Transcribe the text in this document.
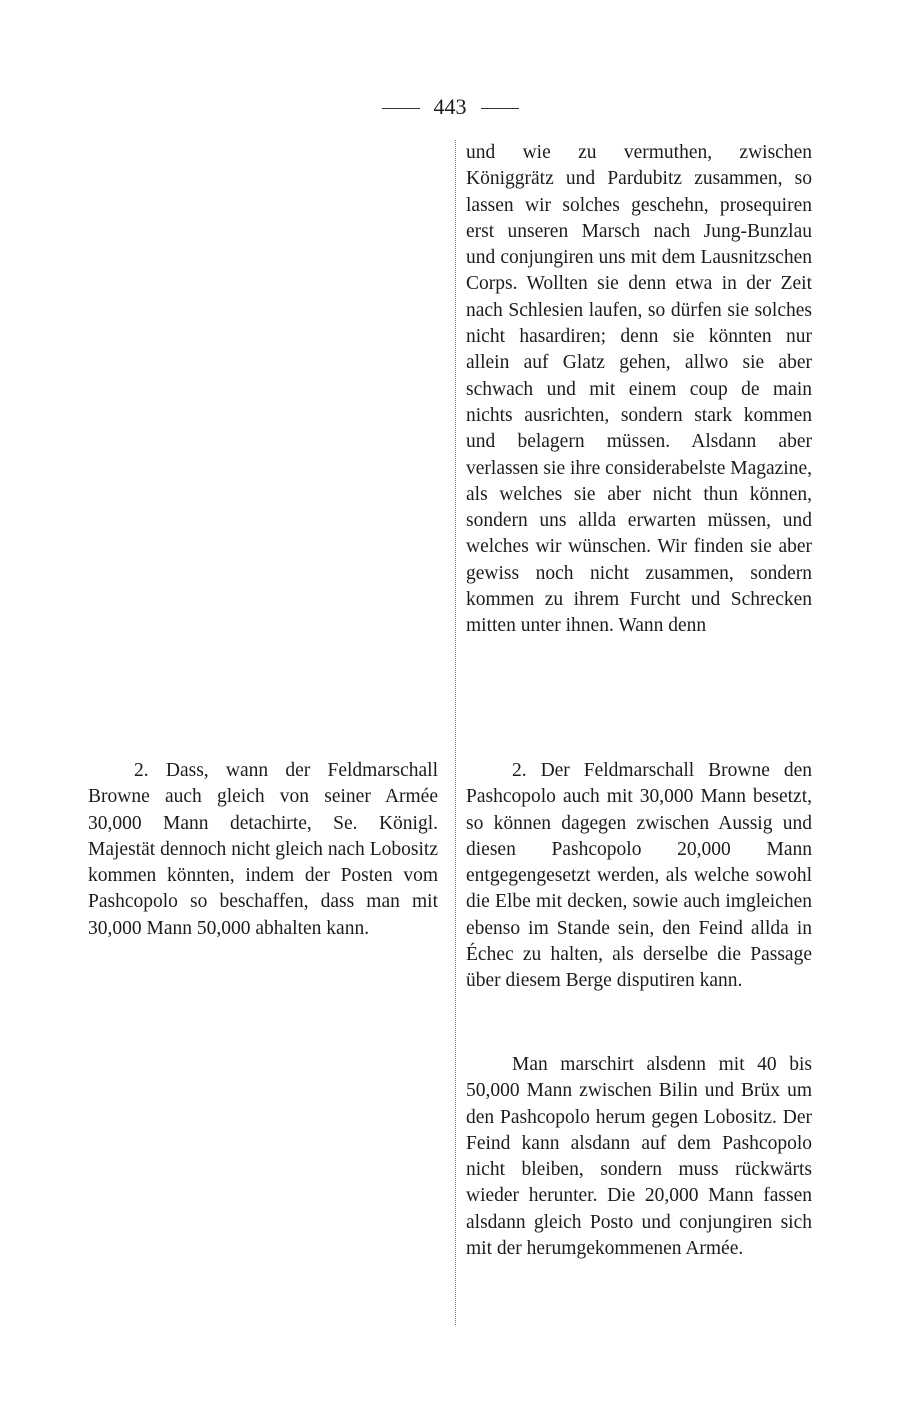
443

und wie zu vermuthen, zwischen Königgrätz und Pardubitz zusammen, so lassen wir solches geschehn, prosequiren erst unseren Marsch nach Jung-Bunzlau und conjungiren uns mit dem Lausnitzschen Corps. Wollten sie denn etwa in der Zeit nach Schlesien laufen, so dürfen sie solches nicht hasardiren; denn sie könnten nur allein auf Glatz gehen, allwo sie aber schwach und mit einem coup de main nichts ausrichten, sondern stark kommen und belagern müssen. Alsdann aber verlassen sie ihre considerabelste Magazine, als welches sie aber nicht thun können, sondern uns allda erwarten müssen, und welches wir wünschen. Wir finden sie aber gewiss noch nicht zusammen, sondern kommen zu ihrem Furcht und Schrecken mitten unter ihnen. Wann denn

2. Dass, wann der Feldmarschall Browne auch gleich von seiner Armée 30,000 Mann detachirte, Se. Königl. Majestät dennoch nicht gleich nach Lobositz kommen könnten, indem der Posten vom Pashcopolo so beschaffen, dass man mit 30,000 Mann 50,000 abhalten kann.

2. Der Feldmarschall Browne den Pashcopolo auch mit 30,000 Mann besetzt, so können dagegen zwischen Aussig und diesen Pashcopolo 20,000 Mann entgegengesetzt werden, als welche sowohl die Elbe mit decken, sowie auch imgleichen ebenso im Stande sein, den Feind allda in Échec zu halten, als derselbe die Passage über diesem Berge disputiren kann.

Man marschirt alsdenn mit 40 bis 50,000 Mann zwischen Bilin und Brüx um den Pashcopolo herum gegen Lobositz. Der Feind kann alsdann auf dem Pashcopolo nicht bleiben, sondern muss rückwärts wieder herunter. Die 20,000 Mann fassen alsdann gleich Posto und conjungiren sich mit der herumgekommenen Armée.
